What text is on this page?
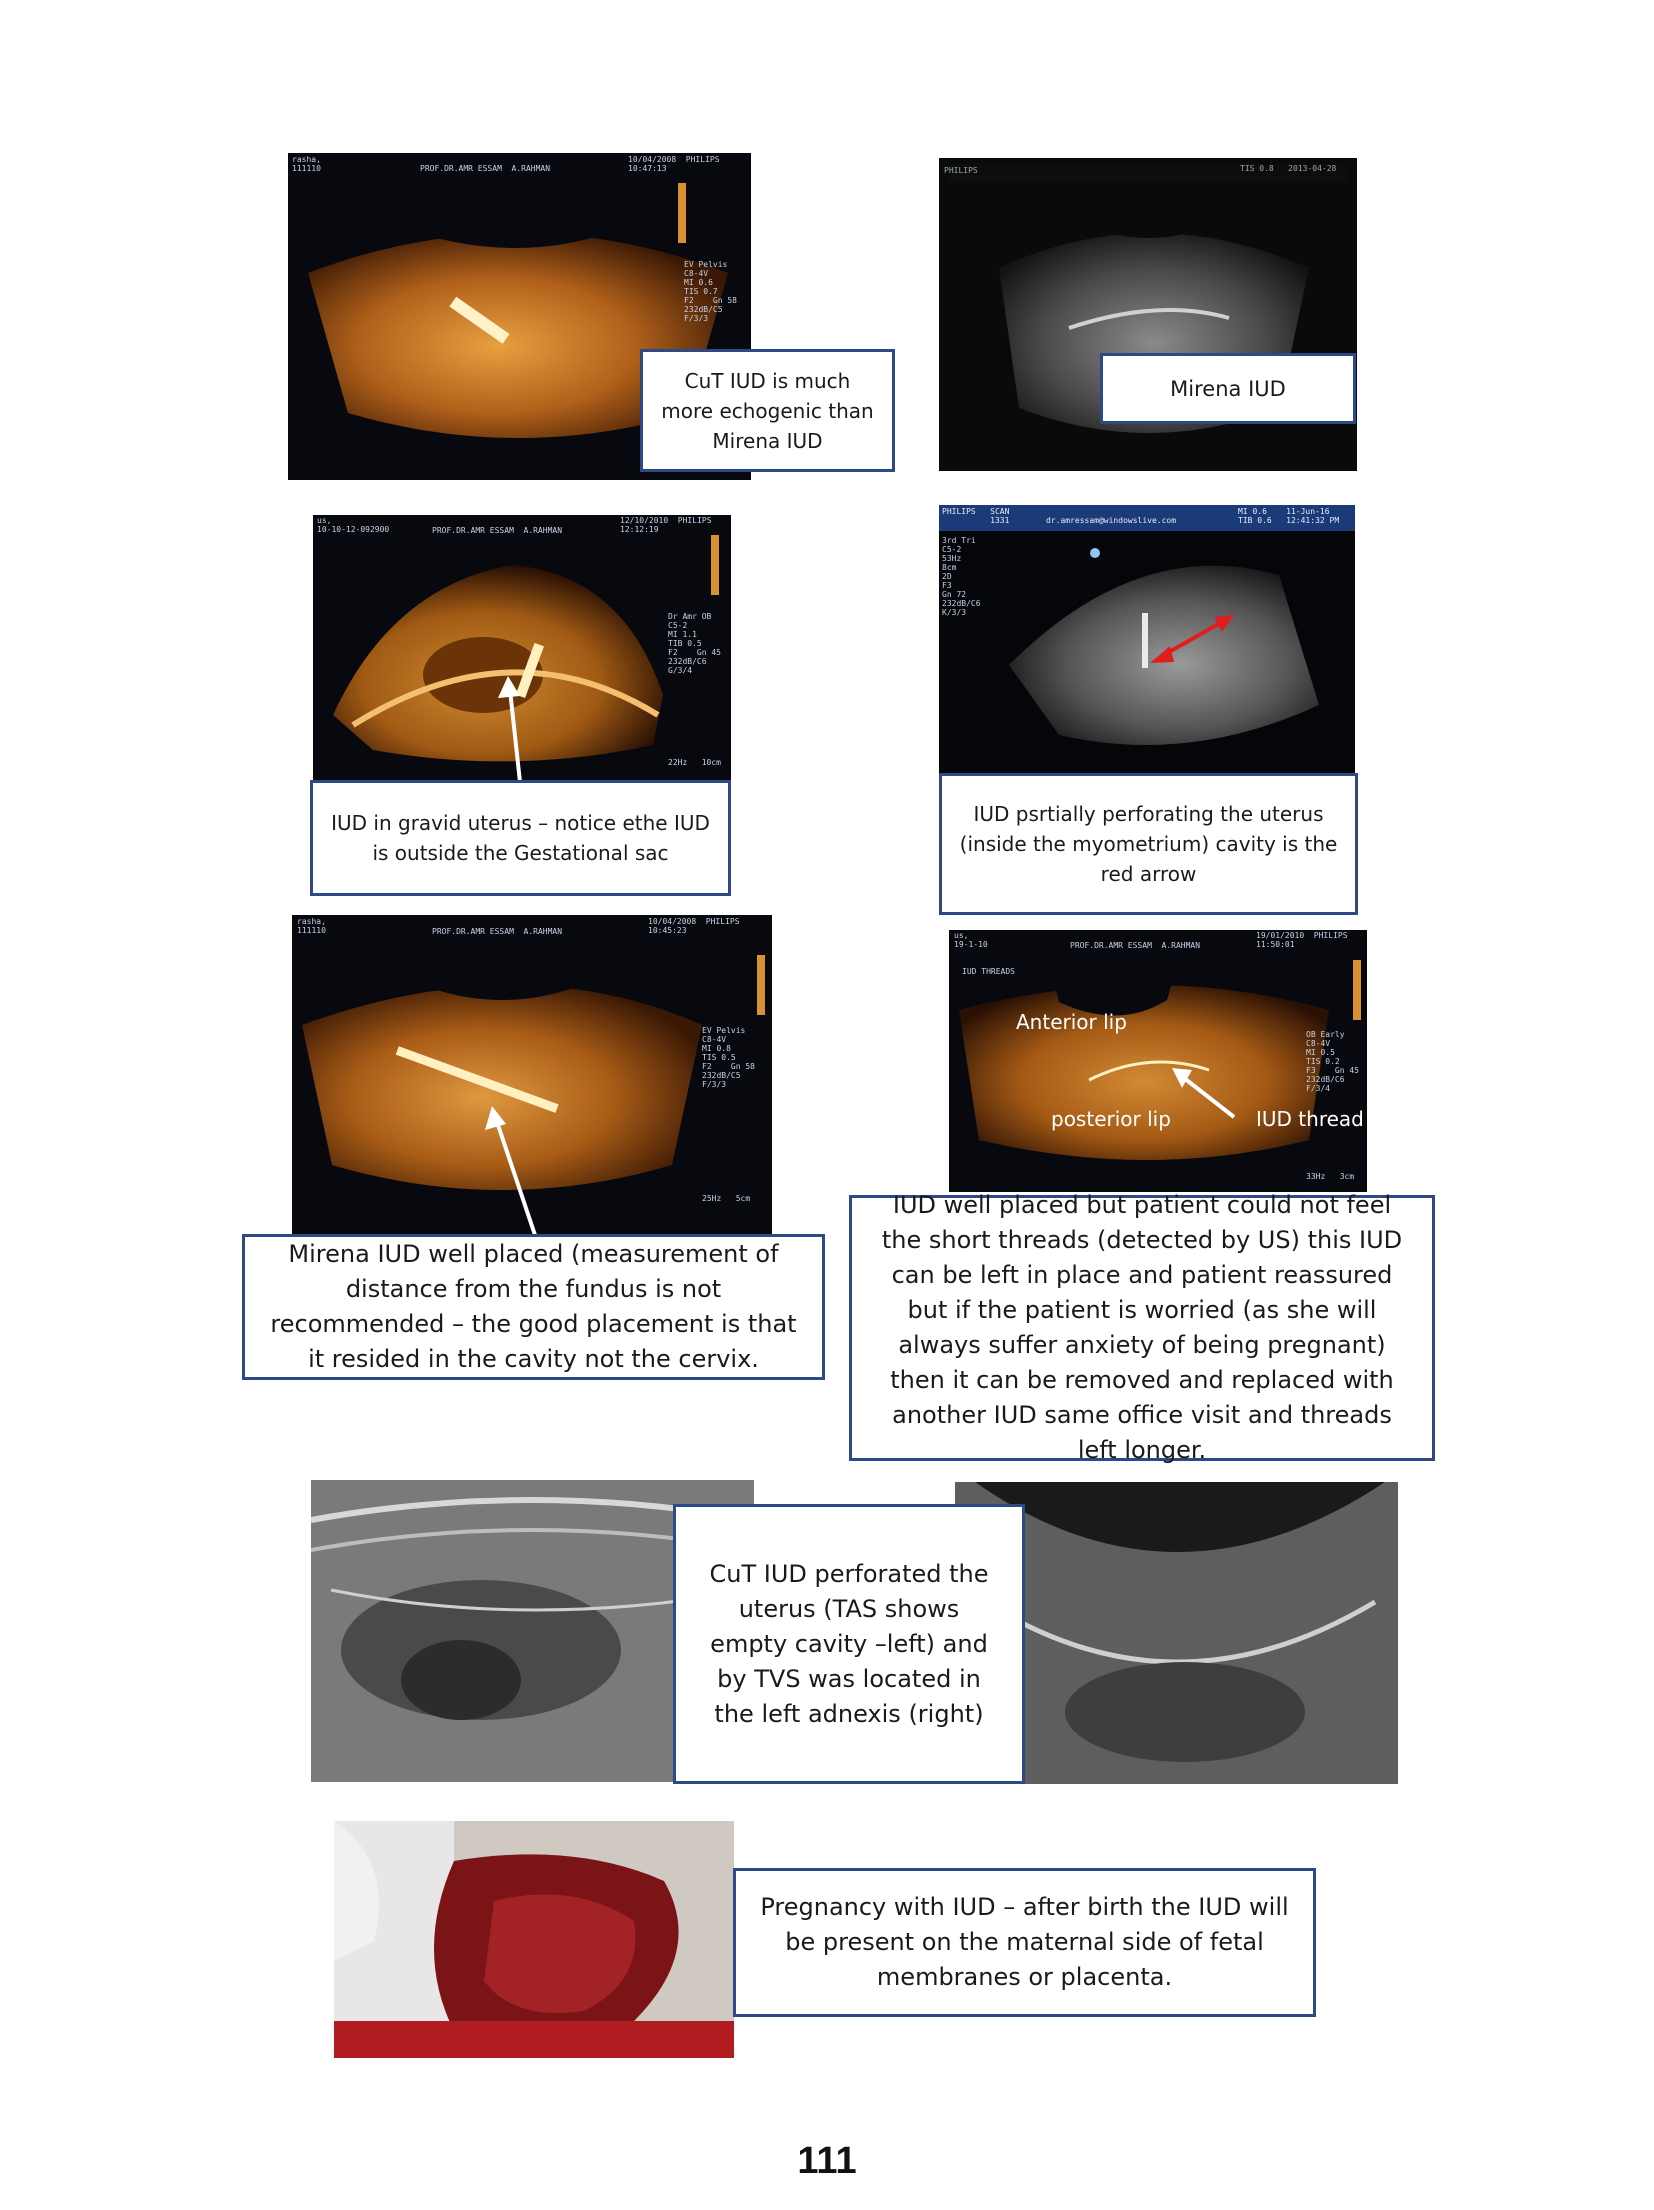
rasha,
111110	PROF.DR.AMR ESSAM  A.RAHMAN
10/04/2008  PHILIPS
10:47:13
EV Pelvis
C8-4V
MI 0.6
TIS 0.7
F2    Gn 58
232dB/C5
F/3/3
CuT IUD is much more echogenic than Mirena IUD
PHILIPS	TIS 0.8   2013-04-28
Mirena IUD
us,
10-10-12-092900	PROF.DR.AMR ESSAM  A.RAHMAN
12/10/2010  PHILIPS
12:12:19
Dr Amr OB
C5-2
MI 1.1
TIB 0.5
F2    Gn 45
232dB/C6
G/3/4
22Hz   10cm
IUD in gravid uterus – notice ethe IUD is outside the Gestational sac
PHILIPS   SCAN
1331	dr.amressam@windowslive.com
MI 0.6    11-Jun-16
TIB 0.6   12:41:32 PM
3rd Tri
C5-2
53Hz
8cm
2D
F3
Gn 72
232dB/C6
K/3/3
IUD psrtially perforating the uterus (inside the myometrium) cavity is the red arrow
rasha,
111110	PROF.DR.AMR ESSAM  A.RAHMAN
10/04/2008  PHILIPS
10:45:23
EV Pelvis
C8-4V
MI 0.8
TIS 0.5
F2    Gn 58
232dB/C5
F/3/3
25Hz   5cm
Mirena IUD well placed (measurement of distance from the fundus is not recommended – the good placement is that it resided in the cavity not the cervix.
us,
19-1-10	PROF.DR.AMR ESSAM  A.RAHMAN
19/01/2010  PHILIPS
11:50:01
IUD THREADS
OB Early
C8-4V
MI 0.5
TIS 0.2
F3    Gn 45
232dB/C6
F/3/4
33Hz   3cm
Anterior lip
posterior lip	IUD thread
IUD well placed but patient could not feel the short threads (detected by US) this IUD can be left in place and patient reassured but if the patient is worried (as she will always suffer anxiety of being pregnant) then it can be removed and replaced with another IUD same office visit and threads left longer.
CuT IUD perforated the uterus (TAS shows empty cavity –left) and by TVS was located in the left adnexis (right)
Pregnancy with IUD – after birth the IUD will be present on the maternal side of fetal membranes or placenta.
111
